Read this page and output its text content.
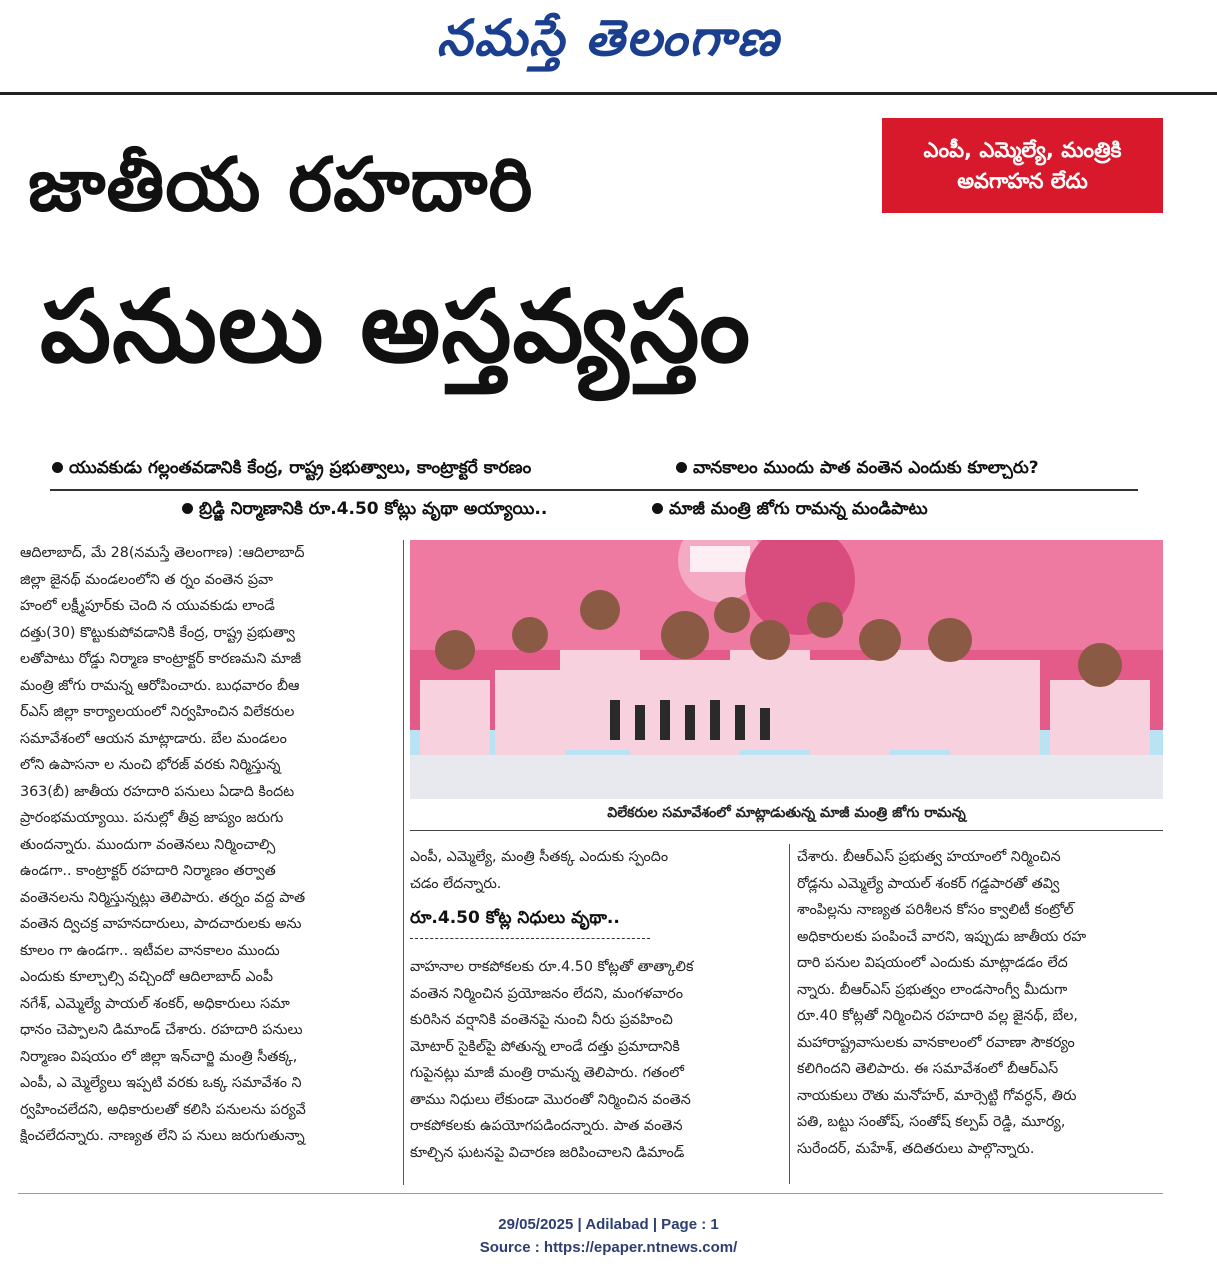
నమస్తే తెలంగాణ
జాతీయ రహదారి
పనులు అస్తవ్యస్తం
ఎంపీ, ఎమ్మెల్యే, మంత్రికి
అవగాహన లేదు
యువకుడు గల్లంతవడానికి కేంద్ర, రాష్ట్ర ప్రభుత్వాలు, కాంట్రాక్టరే కారణం	వానకాలం ముందు పాత వంతెన ఎందుకు కూల్చారు?
బ్రిడ్జి నిర్మాణానికి రూ.4.50 కోట్లు వృథా అయ్యాయి..	మాజీ మంత్రి జోగు రామన్న మండిపాటు

ఆదిలాబాద్, మే 28(నమస్తే తెలంగాణ) :ఆదిలాబాద్

జిల్లా జైనథ్ మండలంలోని త ర్నం వంతెన ప్రవా

హంలో లక్ష్మీపూర్‌కు చెంది న యువకుడు లాండే

దత్తు(30) కొట్టుకుపోవడానికి కేంద్ర, రాష్ట్ర ప్రభుత్వా

లతోపాటు రోడ్డు నిర్మాణ కాంట్రాక్టర్ కారణమని మాజీ

మంత్రి జోగు రామన్న ఆరోపించారు. బుధవారం బీఆ

ర్‌ఎస్ జిల్లా కార్యాలయంలో నిర్వహించిన విలేకరుల

సమావేశంలో ఆయన మాట్లాడారు. బేల మండలం

లోని ఉపాసనా ల నుంచి భోరజ్ వరకు నిర్మిస్తున్న

363(బీ) జాతీయ రహదారి పనులు ఏడాది కిందట

ప్రారంభమయ్యాయి. పనుల్లో తీవ్ర జాప్యం జరుగు

తుందన్నారు. ముందుగా వంతెనలు నిర్మించాల్సి

ఉండగా.. కాంట్రాక్టర్ రహదారి నిర్మాణం తర్వాత

వంతెనలను నిర్మిస్తున్నట్లు తెలిపారు. తర్నం వద్ద పాత

వంతెన ద్విచక్ర వాహనదారులు, పాదచారులకు అను

కూలం గా ఉండగా.. ఇటీవల వానకాలం ముందు

ఎందుకు కూల్చాల్సి వచ్చిందో ఆదిలాబాద్ ఎంపీ

నగేశ్, ఎమ్మెల్యే పాయల్ శంకర్, అధికారులు సమా

ధానం చెప్పాలని డిమాండ్ చేశారు. రహదారి పనులు

నిర్మాణం విషయం లో జిల్లా ఇన్‌చార్జి మంత్రి సీతక్క,

ఎంపీ, ఎ మ్మెల్యేలు ఇప్పటి వరకు ఒక్క సమావేశం ని

ర్వహించలేదని, అధికారులతో కలిసి పనులను పర్యవే

క్షించలేదన్నారు. నాణ్యత లేని ప నులు జరుగుతున్నా

విలేకరుల సమావేశంలో మాట్లాడుతున్న మాజీ మంత్రి జోగు రామన్న

ఎంపీ, ఎమ్మెల్యే, మంత్రి సీతక్క ఎందుకు స్పందిం

చడం లేదన్నారు.

రూ.4.50 కోట్ల నిధులు వృథా..

వాహనాల రాకపోకలకు రూ.4.50 కోట్లతో తాత్కాలిక

వంతెన నిర్మించిన ప్రయోజనం లేదని, మంగళవారం

కురిసిన వర్షానికి వంతెనపై నుంచి నీరు ప్రవహించి

మోటార్ సైకిల్‌పై పోతున్న లాండే దత్తు ప్రమాదానికి

గుపైనట్లు మాజీ మంత్రి రామన్న తెలిపారు. గతంలో

తాము నిధులు లేకుండా మొరంతో నిర్మించిన వంతెన

రాకపోకలకు ఉపయోగపడిందన్నారు. పాత వంతెన

కూల్చిన ఘటనపై విచారణ జరిపించాలని డిమాండ్

చేశారు. బీఆర్‌ఎస్ ప్రభుత్వ హయాంలో నిర్మించిన

రోడ్లను ఎమ్మెల్యే పాయల్ శంకర్ గడ్డపారతో తవ్వి

శాంపిల్లను నాణ్యత పరిశీలన కోసం క్వాలిటీ కంట్రోల్

అధికారులకు పంపించే వారని, ఇప్పుడు జాతీయ రహ

దారి పనుల విషయంలో ఎందుకు మాట్లాడడం లేద

న్నారు. బీఆర్‌ఎస్ ప్రభుత్వం లాండసాంగ్వీ మీదుగా

రూ.40 కోట్లతో నిర్మించిన రహదారి వల్ల జైనథ్, బేల,

మహారాష్ట్రవాసులకు వానకాలంలో రవాణా సౌకర్యం

కలిగిందని తెలిపారు. ఈ సమావేశంలో బీఆర్‌ఎస్

నాయకులు రౌతు మనోహర్, మార్సెట్టి గోవర్ధన్, తిరు

పతి, బట్టు సంతోష్, సంతోష్ కల్పప్ రెడ్డి, మూర్య,

సురేందర్, మహేశ్, తదితరులు పాల్గొన్నారు.

29/05/2025 | Adilabad | Page : 1
Source : https://epaper.ntnews.com/
